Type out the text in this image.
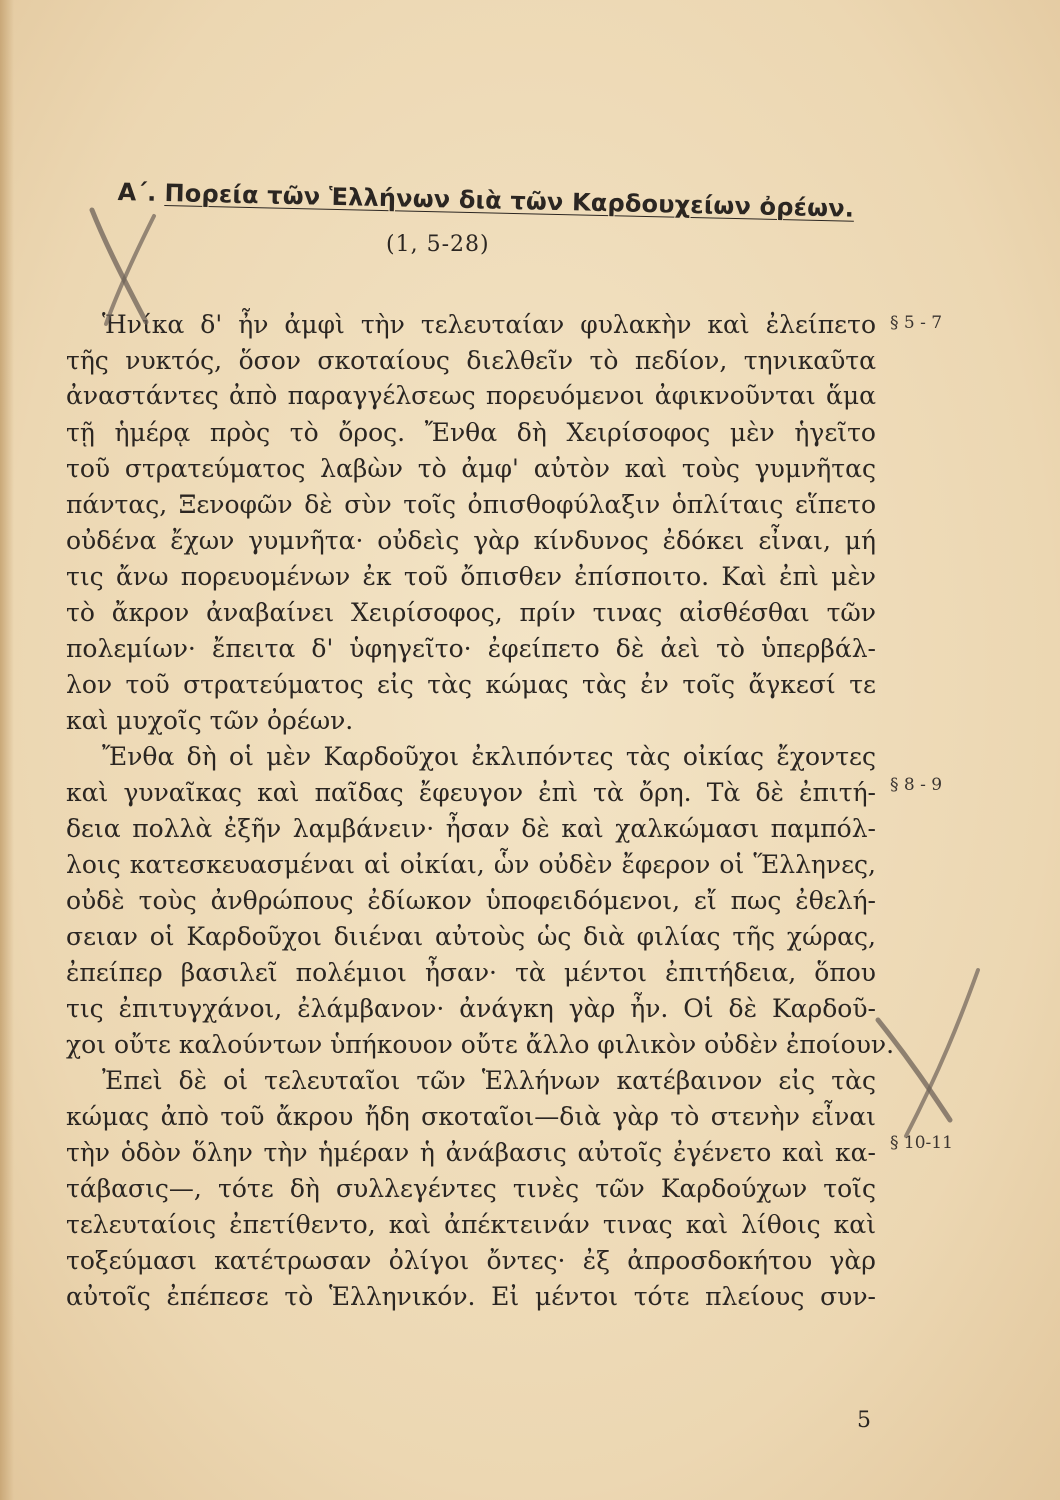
A΄. Πορεία τῶν Ἑλλήνων διὰ τῶν Καρδουχείων ὀρέων.
(1, 5-28)
Ἡνίκα δ' ἦν ἀμφὶ τὴν τελευταίαν φυλακὴν καὶ ἐλείπετο
τῆς νυκτός, ὅσον σκοταίους διελθεῖν τὸ πεδίον, τηνικαῦτα
ἀναστάντες ἀπὸ παραγγέλσεως πορευόμενοι ἀφικνοῦνται ἅμα
τῇ ἡμέρᾳ πρὸς τὸ ὄρος. Ἔνθα δὴ Χειρίσοφος μὲν ἡγεῖτο
τοῦ στρατεύματος λαβὼν τὸ ἀμφ' αὐτὸν καὶ τοὺς γυμνῆτας
πάντας, Ξενοφῶν δὲ σὺν τοῖς ὀπισθοφύλαξιν ὁπλίταις εἵπετο
οὐδένα ἔχων γυμνῆτα· οὐδεὶς γὰρ κίνδυνος ἐδόκει εἶναι, μή
τις ἄνω πορευομένων ἐκ τοῦ ὄπισθεν ἐπίσποιτο. Καὶ ἐπὶ μὲν
τὸ ἄκρον ἀναβαίνει Χειρίσοφος, πρίν τινας αἰσθέσθαι τῶν
πολεμίων· ἔπειτα δ' ὑφηγεῖτο· ἐφείπετο δὲ ἀεὶ τὸ ὑπερβάλ-
λον τοῦ στρατεύματος εἰς τὰς κώμας τὰς ἐν τοῖς ἄγκεσί τε
καὶ μυχοῖς τῶν ὀρέων.
§ 5 - 7
Ἔνθα δὴ οἱ μὲν Καρδοῦχοι ἐκλιπόντες τὰς οἰκίας ἔχοντες
καὶ γυναῖκας καὶ παῖδας ἔφευγον ἐπὶ τὰ ὄρη. Τὰ δὲ ἐπιτή-
δεια πολλὰ ἐξῆν λαμβάνειν· ἦσαν δὲ καὶ χαλκώμασι παμπόλ-
λοις κατεσκευασμέναι αἱ οἰκίαι, ὧν οὐδὲν ἔφερον οἱ Ἕλληνες,
οὐδὲ τοὺς ἀνθρώπους ἐδίωκον ὑποφειδόμενοι, εἴ πως ἐθελή-
σειαν οἱ Καρδοῦχοι διιέναι αὐτοὺς ὡς διὰ φιλίας τῆς χώρας,
ἐπείπερ βασιλεῖ πολέμιοι ἦσαν· τὰ μέντοι ἐπιτήδεια, ὅπου
τις ἐπιτυγχάνοι, ἐλάμβανον· ἀνάγκη γὰρ ἦν. Οἱ δὲ Καρδοῦ-
χοι οὔτε καλούντων ὑπήκουον οὔτε ἄλλο φιλικὸν οὐδὲν ἐποίουν.
§ 8 - 9
Ἐπεὶ δὲ οἱ τελευταῖοι τῶν Ἑλλήνων κατέβαινον εἰς τὰς
κώμας ἀπὸ τοῦ ἄκρου ἤδη σκοταῖοι—διὰ γὰρ τὸ στενὴν εἶναι
τὴν ὁδὸν ὅλην τὴν ἡμέραν ἡ ἀνάβασις αὐτοῖς ἐγένετο καὶ κα-
τάβασις—, τότε δὴ συλλεγέντες τινὲς τῶν Καρδούχων τοῖς
τελευταίοις ἐπετίθεντο, καὶ ἀπέκτεινάν τινας καὶ λίθοις καὶ
τοξεύμασι κατέτρωσαν ὀλίγοι ὄντες· ἐξ ἀπροσδοκήτου γὰρ
αὐτοῖς ἐπέπεσε τὸ Ἑλληνικόν. Εἰ μέντοι τότε πλείους συν-
§ 10-11
5
